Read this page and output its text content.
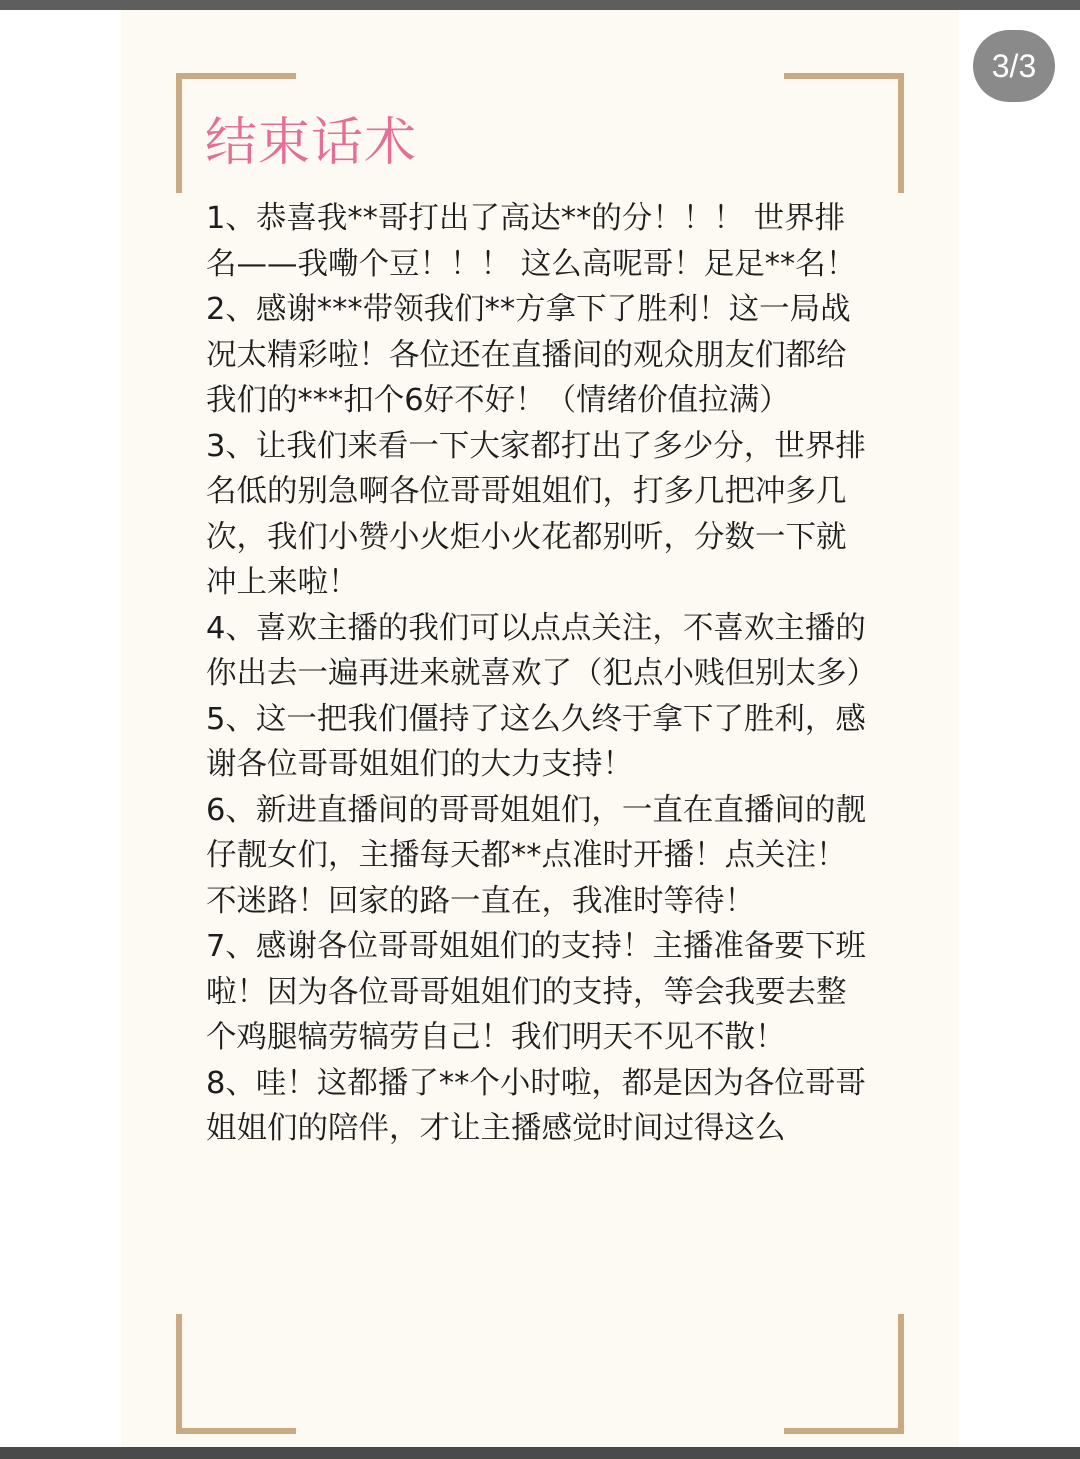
3/3
结束话术
1、恭喜我**哥打出了高达**的分！！！ 世界排名——我嘞个豆！！！ 这么高呢哥！足足**名！
2、感谢***带领我们**方拿下了胜利！这一局战况太精彩啦！各位还在直播间的观众朋友们都给我们的***扣个6好不好！（情绪价值拉满）
3、让我们来看一下大家都打出了多少分，世界排名低的别急啊各位哥哥姐姐们，打多几把冲多几次，我们小赞小火炬小火花都别听，分数一下就冲上来啦！
4、喜欢主播的我们可以点点关注，不喜欢主播的你出去一遍再进来就喜欢了（犯点小贱但别太多）
5、这一把我们僵持了这么久终于拿下了胜利，感谢各位哥哥姐姐们的大力支持！
6、新进直播间的哥哥姐姐们，一直在直播间的靓仔靓女们，主播每天都**点准时开播！点关注！不迷路！回家的路一直在，我准时等待！
7、感谢各位哥哥姐姐们的支持！主播准备要下班啦！因为各位哥哥姐姐们的支持，等会我要去整个鸡腿犒劳犒劳自己！我们明天不见不散！
8、哇！这都播了**个小时啦，都是因为各位哥哥姐姐们的陪伴，才让主播感觉时间过得这么
